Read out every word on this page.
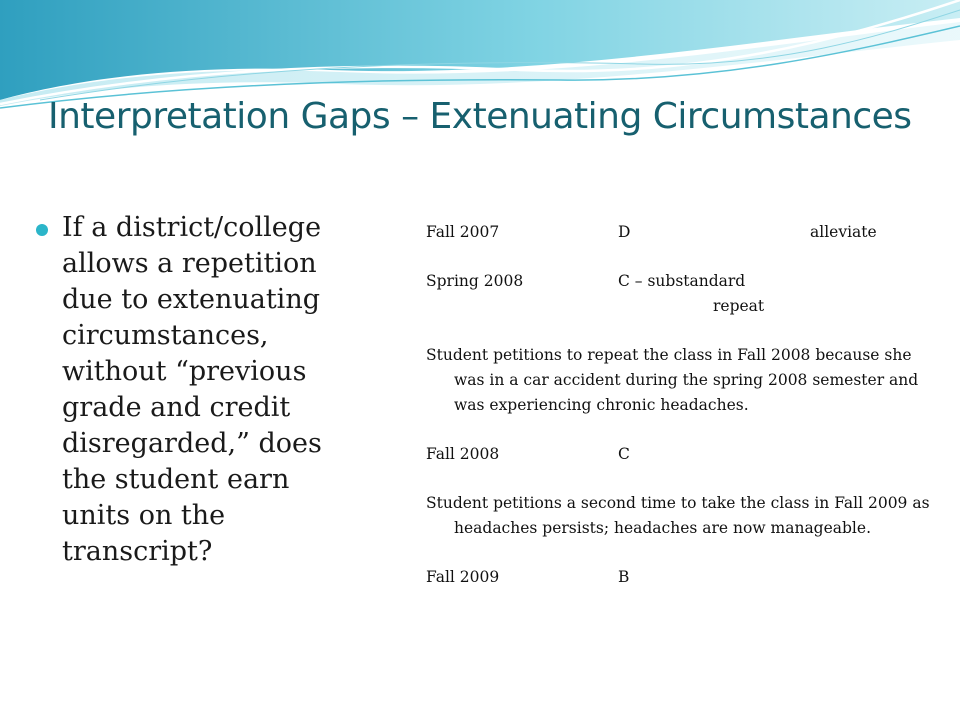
Interpretation Gaps – Extenuating Circumstances
If a district/college allows a repetition due to extenuating circumstances, without “previous grade and credit disregarded,” does the student earn units on the transcript?
Fall 2007	D	alleviate
Spring 2008	C – substandard
repeat
Student petitions to repeat the class in Fall 2008 because she was in a car accident during the spring 2008 semester and was experiencing chronic headaches.
Fall 2008	C
Student petitions a second time to take the class in Fall 2009 as headaches persists; headaches are now manageable.
Fall 2009	B
